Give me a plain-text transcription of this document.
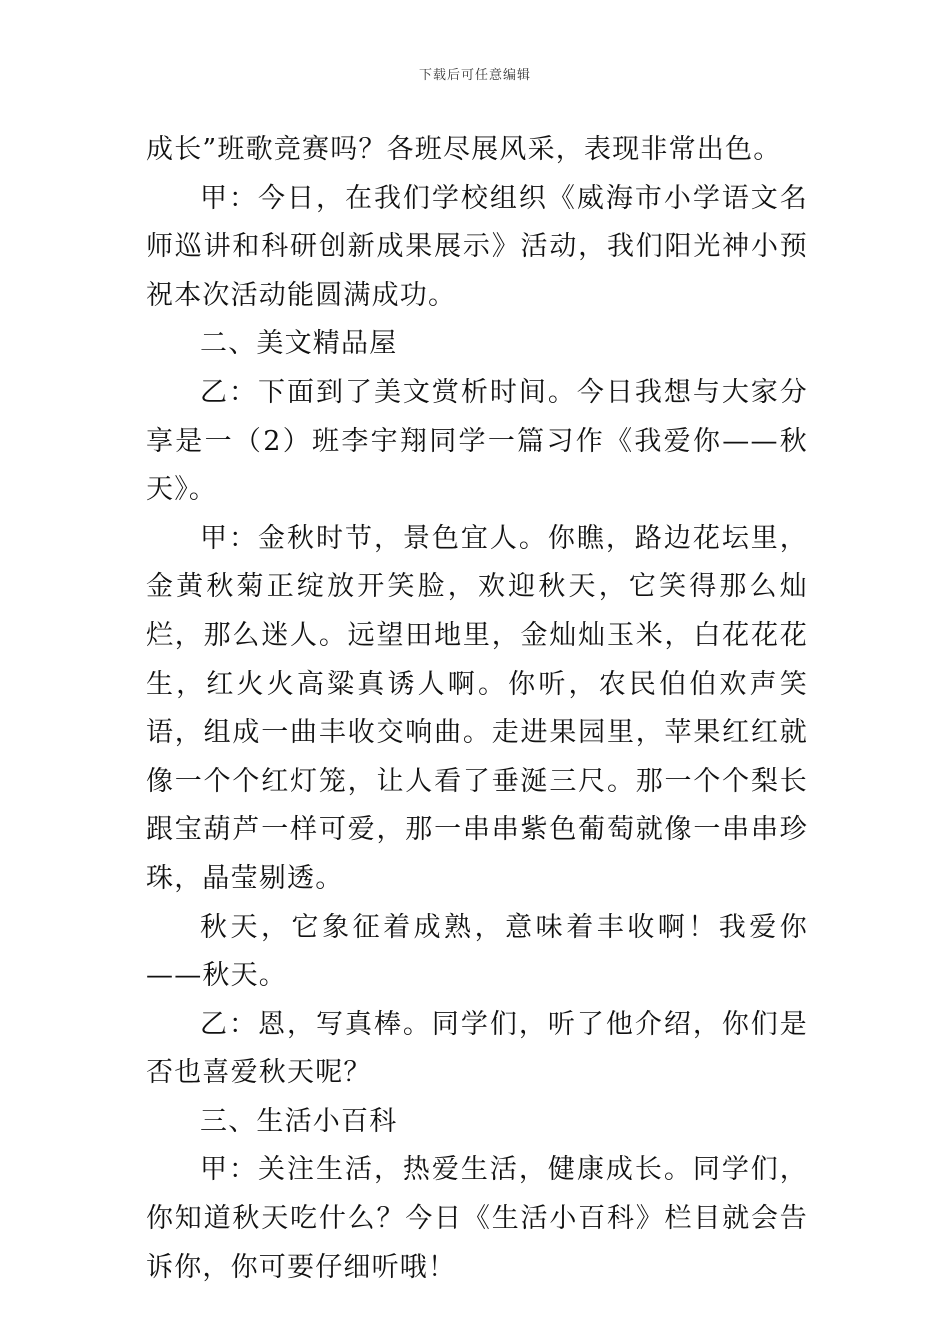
下载后可任意编辑

成长”班歌竞赛吗？各班尽展风采，表现非常出色。

甲：今日，在我们学校组织《威海市小学语文名 师巡讲和科研创新成果展示》活动，我们阳光神小预祝本次活动能圆满成功。

二、美文精品屋

乙：下面到了美文赏析时间。今日我想与大家分享是一（2）班李宇翔同学一篇习作《我爱你——秋天》。

甲：金秋时节，景色宜人。你瞧，路边花坛里，金黄秋菊正绽放开笑脸，欢迎秋天，它笑得那么灿烂，那么迷人。远望田地里，金灿灿玉米，白花花花生，红火火高粱真诱人啊。你听，农民伯伯欢声笑语，组成一曲丰收交响曲。走进果园里，苹果红红就像一个个红灯笼，让人看了垂涎三尺。那一个个梨长跟宝葫芦一样可爱，那一串串紫色葡萄就像一串串珍珠，晶莹剔透。

秋天，它象征着成熟，意味着丰收啊！我爱你——秋天。

乙：恩，写真棒。同学们，听了他介绍，你们是否也喜爱秋天呢？

三、生活小百科

甲：关注生活，热爱生活，健康成长。同学们，你知道秋天吃什么？今日《生活小百科》栏目就会告诉你，你可要仔细听哦！
